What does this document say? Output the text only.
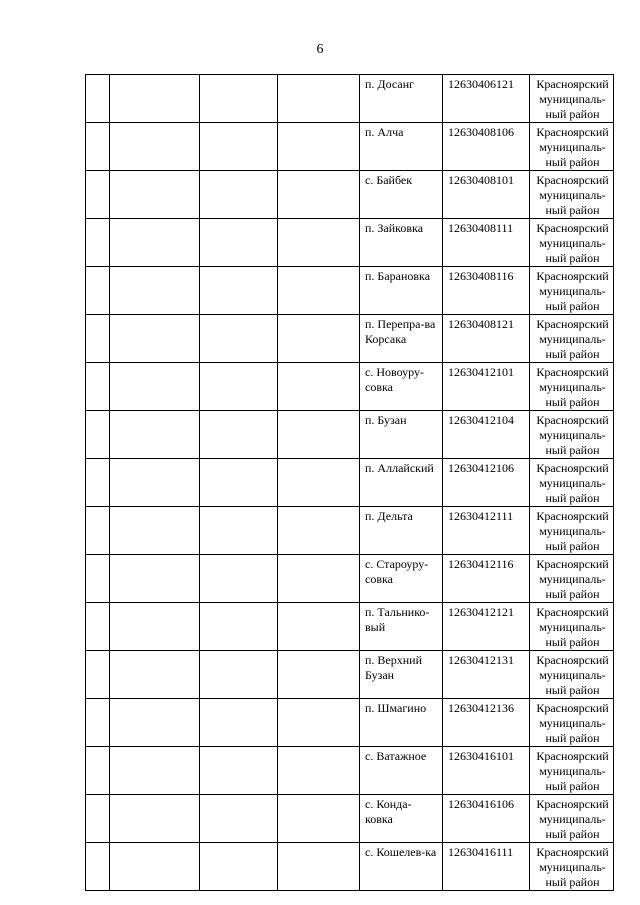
6
				п. Досанг	12630406121	Красноярский муниципаль-ный район
				п. Алча	12630408106	Красноярский муниципаль-ный район
				с. Байбек	12630408101	Красноярский муниципаль-ный район
				п. Зайковка	12630408111	Красноярский муниципаль-ный район
				п. Барановка	12630408116	Красноярский муниципаль-ный район
				п. Перепра-ва Корсака	12630408121	Красноярский муниципаль-ный район
				с. Новоуру-совка	12630412101	Красноярский муниципаль-ный район
				п. Бузан	12630412104	Красноярский муниципаль-ный район
				п. Аллайский	12630412106	Красноярский муниципаль-ный район
				п. Дельта	12630412111	Красноярский муниципаль-ный район
				с. Староуру-совка	12630412116	Красноярский муниципаль-ный район
				п. Тальнико-вый	12630412121	Красноярский муниципаль-ный район
				п. Верхний Бузан	12630412131	Красноярский муниципаль-ный район
				п. Шмагино	12630412136	Красноярский муниципаль-ный район
				с. Ватажное	12630416101	Красноярский муниципаль-ный район
				с. Конда-ковка	12630416106	Красноярский муниципаль-ный район
				с. Кошелев-ка	12630416111	Красноярский муниципаль-ный район
